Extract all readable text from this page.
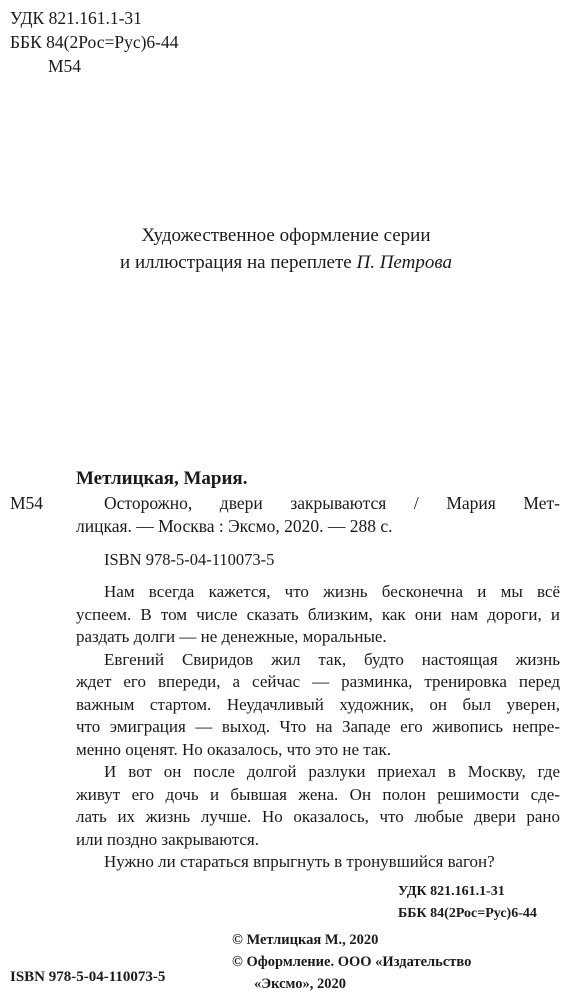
УДК 821.161.1-31
ББК 84(2Рос=Рус)6-44
М54
Художественное оформление серии
и иллюстрация на переплете П. Петрова
Метлицкая, Мария.
М54	Осторожно, двери закрываются / Мария Мет-
лицкая. — Москва : Эксмо, 2020. — 288 с.
ISBN 978-5-04-110073-5
Нам всегда кажется, что жизнь бесконечна и мы всё
успеем. В том числе сказать близким, как они нам дороги, и
раздать долги — не денежные, моральные.
Евгений Свиридов жил так, будто настоящая жизнь
ждет его впереди, а сейчас — разминка, тренировка перед
важным стартом. Неудачливый художник, он был уверен,
что эмиграция — выход. Что на Западе его живопись непре-
менно оценят. Но оказалось, что это не так.
И вот он после долгой разлуки приехал в Москву, где
живут его дочь и бывшая жена. Он полон решимости сде-
лать их жизнь лучше. Но оказалось, что любые двери рано
или поздно закрываются.
Нужно ли стараться впрыгнуть в тронувшийся вагон?
УДК 821.161.1-31
ББК 84(2Рос=Рус)6-44
© Метлицкая М., 2020
© Оформление. ООО «Издательство
«Эксмо», 2020
ISBN 978-5-04-110073-5
